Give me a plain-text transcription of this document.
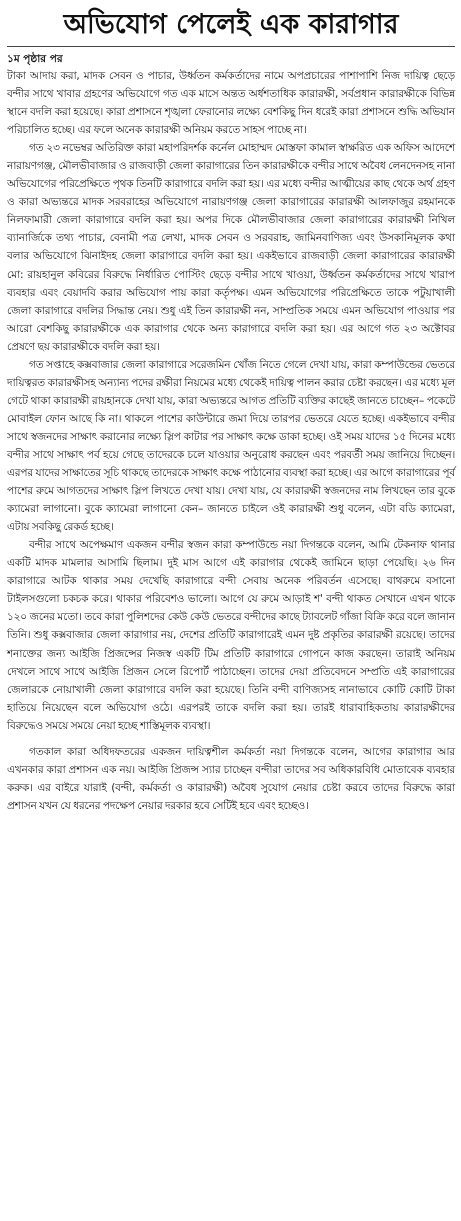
অভিযোগ পেলেই এক কারাগার
১ম পৃষ্ঠার পর

টাকা আদায় করা, মাদক সেবন ও পাচার, উর্ধ্বতন কর্মকর্তাদের নামে অপপ্রচারের পাশাপাশি নিজ দায়িত্ব ছেড়ে বন্দীর সাথে খাবার গ্রহণের অভিযোগে গত এক মাসে অন্তত অর্ধশতাধিক কারারক্ষী, সর্বপ্রধান কারারক্ষীকে বিভিন্ন স্থানে বদলি করা হয়েছে। কারা প্রশাসনে শৃঙ্খলা ফেরানোর লক্ষ্যে বেশকিছু দিন ধরেই কারা প্রশাসনে শুদ্ধি অভিযান পরিচালিত হচ্ছে। এর ফলে অনেক কারারক্ষী অনিয়ম করতে সাহস পাচ্ছে না।

গত ২৩ নভেম্বর অতিরিক্ত কারা মহাপরিদর্শক কর্নেল মোহাম্মদ মোস্তফা কামাল স্বাক্ষরিত এক অফিস আদেশে নারায়ণগঞ্জ, মৌলভীবাজার ও রাজবাড়ী জেলা কারাগারের তিন কারারক্ষীকে বন্দীর সাথে অবৈধ লেনদেনসহ নানা অভিযোগের পরিপ্রেক্ষিতে পৃথক তিনটি কারাগারে বদলি করা হয়। এর মধ্যে বন্দীর আত্মীয়ের কাছ থেকে অর্থ গ্রহণ ও কারা অভ্যন্তরে মাদক সরবরাহের অভিযোগে নারায়ণগঞ্জ জেলা কারাগারের কারারক্ষী আলফাজুর রহমানকে নিলফামারী জেলা কারাগারে বদলি করা হয়। অপর দিকে মৌলভীবাজার জেলা কারাগারের কারারক্ষী নিখিল ব্যানার্জিকে তথ্য পাচার, বেনামী পত্র লেখা, মাদক সেবন ও সরবরাহ, জামিনবাণিজ্য এবং উসকানিমূলক কথা বলার অভিযোগে ঝিনাইদহ জেলা কারাগারে বদলি করা হয়। একইভাবে রাজবাড়ী জেলা কারাগারের কারারক্ষী মো: রায়হানুল কবিরের বিরুদ্ধে নির্ধারিত পোস্টিং ছেড়ে বন্দীর সাথে খাওয়া, উর্ধ্বতন কর্মকর্তাদের সাথে খারাপ ব্যবহার এবং বেয়াদবি করার অভিযোগ পায় কারা কর্তৃপক্ষ। এমন অভিযোগের পরিপ্রেক্ষিতে তাকে পটুয়াখালী জেলা কারাগারে বদলির সিদ্ধান্ত নেয়। শুধু এই তিন কারারক্ষী নন, সাম্প্রতিক সময়ে এমন অভিযোগ পাওয়ার পর আরো বেশকিছু কারারক্ষীকে এক কারাগার থেকে অন্য কারাগারে বদলি করা হয়। এর আগে গত ২৩ অক্টোবর প্রেষণে ছয় কারারক্ষীকে বদলি করা হয়।

গত সপ্তাহে কক্সবাজার জেলা কারাগারে সরেজমিন খোঁজ নিতে গেলে দেখা যায়, কারা কম্পাউন্ডের ভেতরে দায়িত্বরত কারারক্ষীসহ অন্যান্য পদের রক্ষীরা নিয়মের মধ্যে থেকেই দায়িত্ব পালন করার চেষ্টা করছেন। এর মধ্যে মূল গেটে থাকা কারারক্ষী রায়হানকে দেখা যায়, কারা অভ্যন্তরে আগত প্রতিটি ব্যক্তির কাছেই জানতে চাচ্ছেন– পকেটে মোবাইল ফোন আছে কি না। থাকলে পাশের কাউন্টারে জমা দিয়ে তারপর ভেতরে যেতে হচ্ছে। একইভাবে বন্দীর সাথে স্বজনদের সাক্ষাৎ করানোর লক্ষ্যে স্লিপ কাটার পর সাক্ষাৎ কক্ষে ডাকা হচ্ছে। ওই সময় যাদের ১৫ দিনের মধ্যে বন্দীর সাথে সাক্ষাৎ পর্ব হয়ে গেছে তাদেরকে চলে যাওয়ার অনুরোধ করছেন এবং পরবর্তী সময় জানিয়ে দিচ্ছেন। এরপর যাদের সাক্ষাতের সূচি থাকছে তাদেরকে সাক্ষাৎ কক্ষে পাঠানোর ব্যবস্থা করা হচ্ছে। এর আগে কারাগারের পূর্ব পাশের রুমে আগতদের সাক্ষাৎ স্লিপ লিখতে দেখা যায়। দেখা যায়, যে কারারক্ষী স্বজনদের নাম লিখছেন তার বুকে ক্যামেরা লাগানো। বুকে ক্যামেরা লাগানো কেন– জানতে চাইলে ওই কারারক্ষী শুধু বলেন, এটা বডি ক্যামেরা, এটায় সবকিছু রেকর্ড হচ্ছে।

বন্দীর সাথে অপেক্ষমাণ একজন বন্দীর স্বজন কারা কম্পাউন্ডে নয়া দিগন্তকে বলেন, আমি টেকনাফ থানার একটি মাদক মামলার আসামি ছিলাম। দুই মাস আগে এই কারাগার থেকেই জামিনে ছাড়া পেয়েছি। ২৬ দিন কারাগারে আটক থাকার সময় দেখেছি কারাগারে বন্দী সেবায় অনেক পরিবর্তন এসেছে। বাথরুমে বসানো টাইলসগুলো চকচক করে। থাকার পরিবেশও ভালো। আগে যে রুমে আড়াই শ' বন্দী থাকত সেখানে এখন থাকে ১২০ জনের মতো। তবে কারা পুলিশদের কেউ কেউ ভেতরে বন্দীদের কাছে ট্যাবলেট গাঁজা বিক্রি করে বলে জানান তিনি। শুধু কক্সবাজার জেলা কারাগার নয়, দেশের প্রতিটি কারাগারেই এমন দুষ্ট প্রকৃতির কারারক্ষী রয়েছে। তাদের শনাক্তের জন্য আইজি প্রিজন্সের নিজস্ব একটি টিম প্রতিটি কারাগারে গোপনে কাজ করছেন। তারাই অনিয়ম দেখলে সাথে সাথে আইজি প্রিজন সেলে রিপোর্ট পাঠাচ্ছেন। তাদের দেয়া প্রতিবেদনে সম্প্রতি এই কারাগারের জেলারকে নোয়াখালী জেলা কারাগারে বদলি করা হয়েছে। তিনি বন্দী বাণিজ্যসহ নানাভাবে কোটি কোটি টাকা হাতিয়ে নিয়েছেন বলে অভিযোগ ওঠে। এরপরই তাকে বদলি করা হয়। তারই ধারাবাহিকতায় কারারক্ষীদের বিরুদ্ধেও সময়ে সময়ে নেয়া হচ্ছে শাস্তিমূলক ব্যবস্থা।

গতকাল কারা অধিদফতরের একজন দায়িত্বশীল কর্মকর্তা নয়া দিগন্তকে বলেন, আগের কারাগার আর এখনকার কারা প্রশাসন এক নয়। আইজি প্রিজন্স স্যার চাচ্ছেন বন্দীরা তাদের সব অধিকারবিধি মোতাবেক ব্যবহার করুক। এর বাইরে যারাই (বন্দী, কর্মকর্তা ও কারারক্ষী) অবৈধ সুযোগ নেয়ার চেষ্টা করবে তাদের বিরুদ্ধে কারা প্রশাসন যখন যে ধরনের পদক্ষেপ নেয়ার দরকার হবে সেটিই হবে এবং হচ্ছেও।
